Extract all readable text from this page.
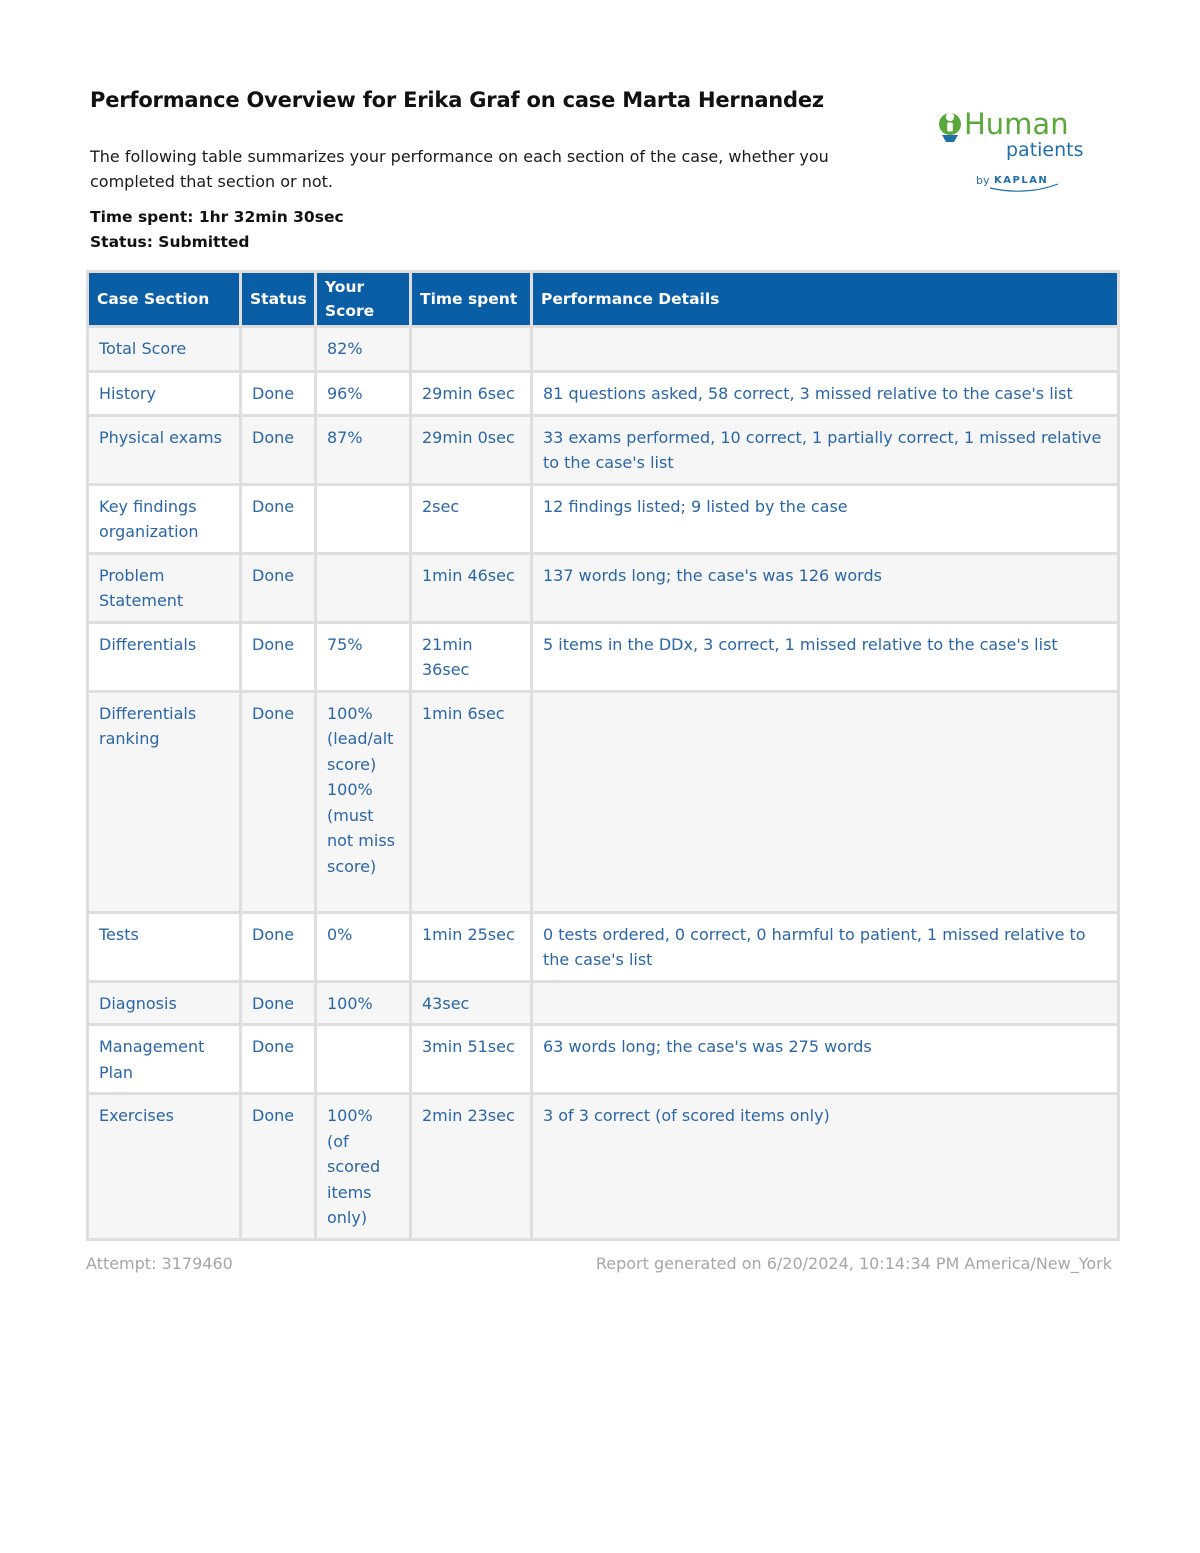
Performance Overview for Erika Graf on case Marta Hernandez
The following table summarizes your performance on each section of the case, whether you completed that section or not.
Time spent: 1hr 32min 30sec
Status: Submitted
Human
patients
by KAPLAN
Case Section	Status	Your Score	Time spent	Performance Details
Total Score		82%		
History	Done	96%	29min 6sec	81 questions asked, 58 correct, 3 missed relative to the case's list
Physical exams	Done	87%	29min 0sec	33 exams performed, 10 correct, 1 partially correct, 1 missed relative to the case's list
Key findings organization	Done		2sec	12 findings listed; 9 listed by the case
Problem Statement	Done		1min 46sec	137 words long; the case's was 126 words
Differentials	Done	75%	21min 36sec	5 items in the DDx, 3 correct, 1 missed relative to the case's list
Differentials ranking	Done	100% (lead/alt score) 100% (must not miss score)	1min 6sec	
Tests	Done	0%	1min 25sec	0 tests ordered, 0 correct, 0 harmful to patient, 1 missed relative to the case's list
Diagnosis	Done	100%	43sec	
Management Plan	Done		3min 51sec	63 words long; the case's was 275 words
Exercises	Done	100% (of scored items only)	2min 23sec	3 of 3 correct (of scored items only)
Attempt: 3179460	Report generated on 6/20/2024, 10:14:34 PM America/New_York
